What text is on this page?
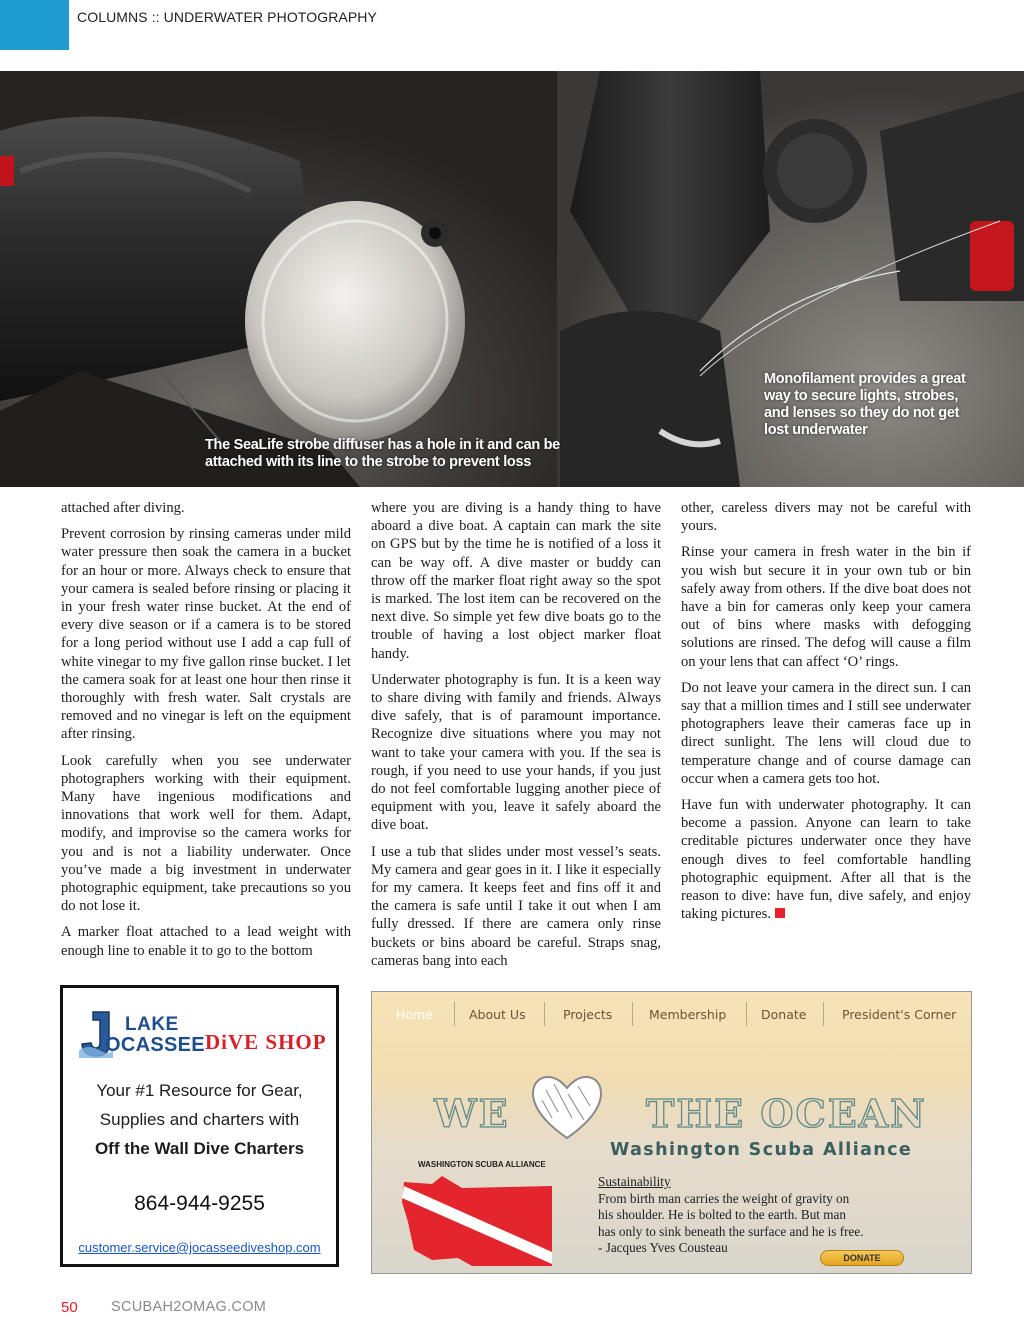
COLUMNS :: UNDERWATER PHOTOGRAPHY
The SeaLife strobe diffuser has a hole in it and can be attached with its line to the strobe to prevent loss
Monofilament provides a great way to secure lights, strobes, and lenses so they do not get lost underwater

attached after diving.

Prevent corrosion by rinsing cameras under mild water pressure then soak the camera in a bucket for an hour or more. Always check to ensure that your camera is sealed before rinsing or placing it in your fresh water rinse bucket. At the end of every dive season or if a camera is to be stored for a long period without use I add a cap full of white vinegar to my five gallon rinse bucket. I let the camera soak for at least one hour then rinse it thoroughly with fresh water. Salt crystals are removed and no vinegar is left on the equipment after rinsing.

Look carefully when you see underwater photographers working with their equipment. Many have ingenious modifications and innovations that work well for them. Adapt, modify, and improvise so the camera works for you and is not a liability underwater. Once you’ve made a big investment in underwater photographic equipment, take precautions so you do not lose it.

A marker float attached to a lead weight with enough line to enable it to go to the bottom

where you are diving is a handy thing to have aboard a dive boat. A captain can mark the site on GPS but by the time he is notified of a loss it can be way off. A dive master or buddy can throw off the marker float right away so the spot is marked. The lost item can be recovered on the next dive. So simple yet few dive boats go to the trouble of having a lost object marker float handy.

Underwater photography is fun. It is a keen way to share diving with family and friends. Always dive safely, that is of paramount importance. Recognize dive situations where you may not want to take your camera with you. If the sea is rough, if you need to use your hands, if you just do not feel comfortable lugging another piece of equipment with you, leave it safely aboard the dive boat.

I use a tub that slides under most vessel’s seats. My camera and gear goes in it. I like it especially for my camera. It keeps feet and fins off it and the camera is safe until I take it out when I am fully dressed. If there are camera only rinse buckets or bins aboard be careful. Straps snag, cameras bang into each

other, careless divers may not be careful with yours.

Rinse your camera in fresh water in the bin if you wish but secure it in your own tub or bin safely away from others. If the dive boat does not have a bin for cameras only keep your camera out of bins where masks with defogging solutions are rinsed. The defog will cause a film on your lens that can affect ‘O’ rings.

Do not leave your camera in the direct sun. I can say that a million times and I still see underwater photographers leave their cameras face up in direct sunlight. The lens will cloud due to temperature change and of course damage can occur when a camera gets too hot.

Have fun with underwater photography. It can become a passion. Anyone can learn to take creditable pictures underwater once they have enough dives to feel comfortable handling photographic equipment. After all that is the reason to dive: have fun, dive safely, and enjoy taking pictures.

LAKE
OCASSEE DiVE SHOP
Your #1 Resource for Gear,
Supplies and charters with
Off the Wall Dive Charters
864-944-9255
customer.service@jocasseediveshop.com
Home	About Us	Projects	Membership	Donate	President's Corner
WE	THE OCEAN
Washington Scuba Alliance
WASHINGTON SCUBA ALLIANCE
Sustainability
From birth man carries the weight of gravity on
his shoulder. He is bolted to the earth. But man
has only to sink beneath the surface and he is free.
- Jacques Yves Cousteau
DONATE
50 SCUBAH2OMAG.COM
